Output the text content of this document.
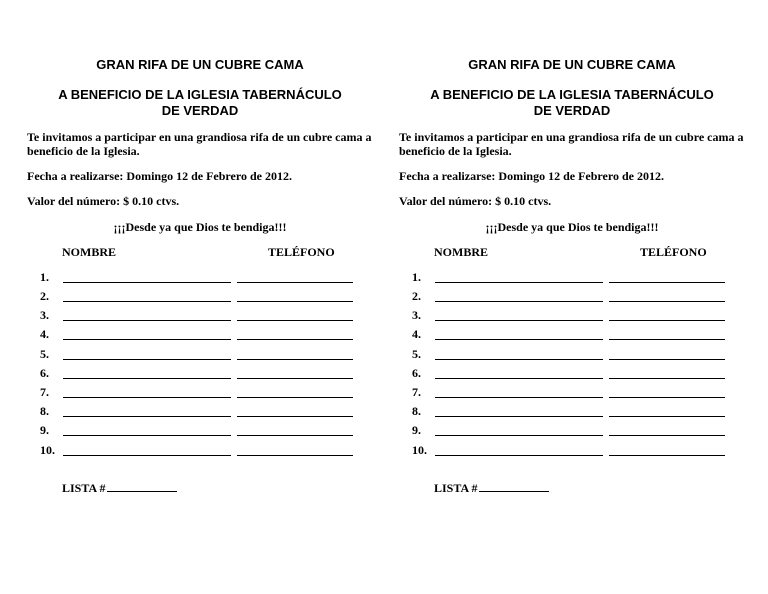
GRAN RIFA DE UN CUBRE CAMA
A BENEFICIO DE LA IGLESIA TABERNÁCULO
DE VERDAD

Te invitamos a participar en una grandiosa rifa de un cubre cama a beneficio de la Iglesia.

Fecha a realizarse: Domingo 12 de Febrero de 2012.

Valor del número: $ 0.10 ctvs.

¡¡¡Desde ya que Dios te bendiga!!!

NOMBRE	TELÉFONO
1.
2.
3.
4.
5.
6.
7.
8.
9.
10.
LISTA #
GRAN RIFA DE UN CUBRE CAMA
A BENEFICIO DE LA IGLESIA TABERNÁCULO
DE VERDAD

Te invitamos a participar en una grandiosa rifa de un cubre cama a beneficio de la Iglesia.

Fecha a realizarse: Domingo 12 de Febrero de 2012.

Valor del número: $ 0.10 ctvs.

¡¡¡Desde ya que Dios te bendiga!!!

NOMBRE	TELÉFONO
1.
2.
3.
4.
5.
6.
7.
8.
9.
10.
LISTA #
